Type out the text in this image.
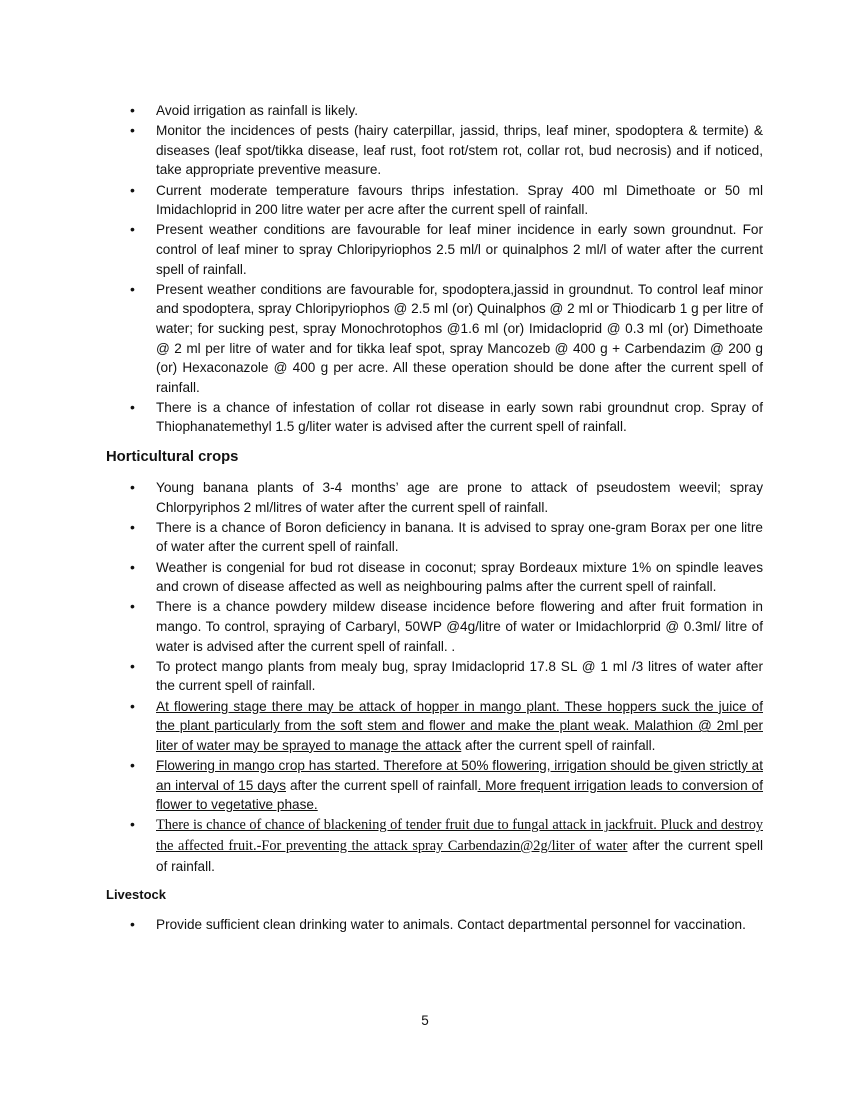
• Avoid irrigation as rainfall is likely.
• Monitor the incidences of pests (hairy caterpillar, jassid, thrips, leaf miner, spodoptera & termite) & diseases (leaf spot/tikka disease, leaf rust, foot rot/stem rot, collar rot, bud necrosis) and if noticed, take appropriate preventive measure.
• Current moderate temperature favours thrips infestation. Spray 400 ml Dimethoate or 50 ml Imidachloprid in 200 litre water per acre after the current spell of rainfall.
• Present weather conditions are favourable for leaf miner incidence in early sown groundnut. For control of leaf miner to spray Chloripyriophos 2.5 ml/l or quinalphos 2 ml/l of water after the current spell of rainfall.
• Present weather conditions are favourable for, spodoptera,jassid in groundnut. To control leaf minor and spodoptera, spray Chloripyriophos @ 2.5 ml (or) Quinalphos @ 2 ml or Thiodicarb 1 g per litre of water; for sucking pest, spray Monochrotophos @1.6 ml (or) Imidacloprid @ 0.3 ml (or) Dimethoate @ 2 ml per litre of water and for tikka leaf spot, spray Mancozeb @ 400 g + Carbendazim @ 200 g (or) Hexaconazole @ 400 g per acre. All these operation should be done after the current spell of rainfall.
• There is a chance of infestation of collar rot disease in early sown rabi groundnut crop. Spray of Thiophanatemethyl 1.5 g/liter water is advised after the current spell of rainfall.
Horticultural crops
• Young banana plants of 3-4 months’ age are prone to attack of pseudostem weevil; spray Chlorpyriphos 2 ml/litres of water after the current spell of rainfall.
• There is a chance of Boron deficiency in banana. It is advised to spray one-gram Borax per one litre of water after the current spell of rainfall.
• Weather is congenial for bud rot disease in coconut; spray Bordeaux mixture 1% on spindle leaves and crown of disease affected as well as neighbouring palms after the current spell of rainfall.
• There is a chance powdery mildew disease incidence before flowering and after fruit formation in mango. To control, spraying of Carbaryl, 50WP @4g/litre of water or Imidachlorprid @ 0.3ml/ litre of water is advised after the current spell of rainfall. .
• To protect mango plants from mealy bug, spray Imidacloprid 17.8 SL @ 1 ml /3 litres of water after the current spell of rainfall.
• At flowering stage there may be attack of hopper in mango plant. These hoppers suck the juice of the plant particularly from the soft stem and flower and make the plant weak. Malathion @ 2ml per liter of water may be sprayed to manage the attack after the current spell of rainfall.
• Flowering in mango crop has started. Therefore at 50% flowering, irrigation should be given strictly at an interval of 15 days after the current spell of rainfall. More frequent irrigation leads to conversion of flower to vegetative phase.
• There is chance of chance of blackening of tender fruit due to fungal attack in jackfruit. Pluck and destroy the affected fruit.-For preventing the attack spray Carbendazin@2g/liter of water after the current spell of rainfall.
Livestock
• Provide sufficient clean drinking water to animals. Contact departmental personnel for vaccination.
5
